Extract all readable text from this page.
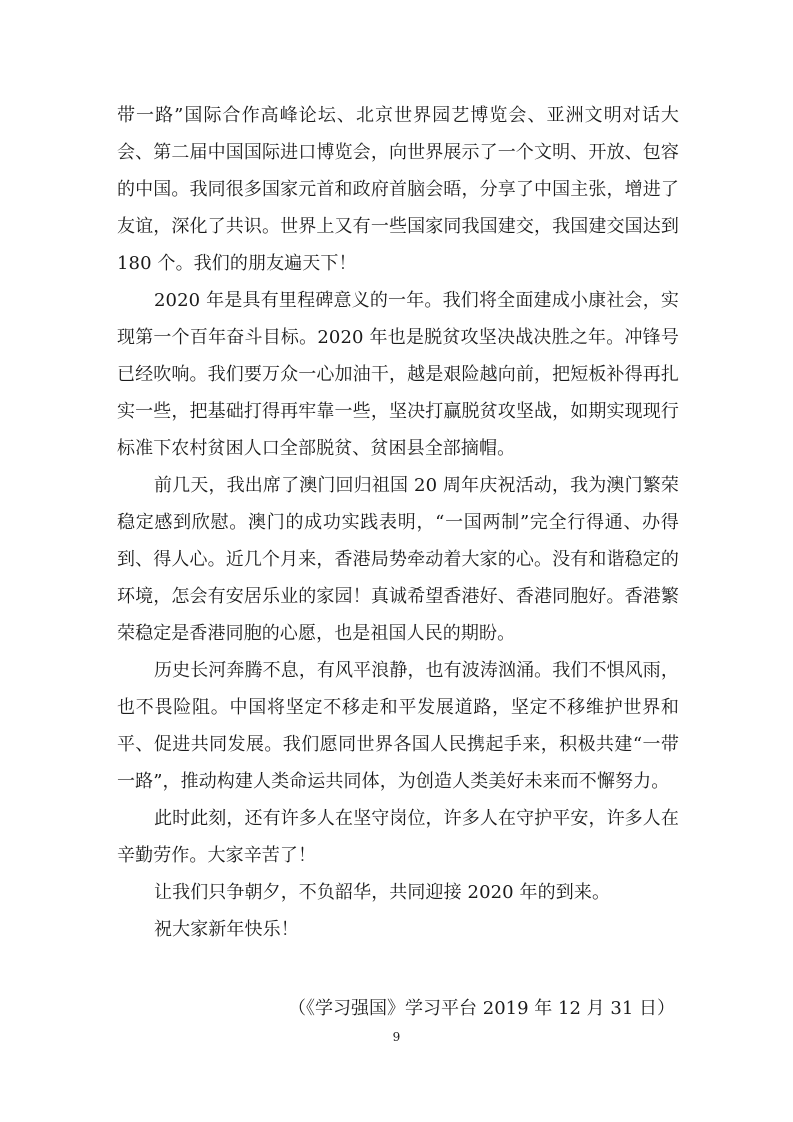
带一路”国际合作高峰论坛、北京世界园艺博览会、亚洲文明对话大会、第二届中国国际进口博览会，向世界展示了一个文明、开放、包容的中国。我同很多国家元首和政府首脑会晤，分享了中国主张，增进了友谊，深化了共识。世界上又有一些国家同我国建交，我国建交国达到 180 个。我们的朋友遍天下！

2020 年是具有里程碑意义的一年。我们将全面建成小康社会，实现第一个百年奋斗目标。2020 年也是脱贫攻坚决战决胜之年。冲锋号已经吹响。我们要万众一心加油干，越是艰险越向前，把短板补得再扎实一些，把基础打得再牢靠一些，坚决打赢脱贫攻坚战，如期实现现行标准下农村贫困人口全部脱贫、贫困县全部摘帽。

前几天，我出席了澳门回归祖国 20 周年庆祝活动，我为澳门繁荣稳定感到欣慰。澳门的成功实践表明，“一国两制”完全行得通、办得到、得人心。近几个月来，香港局势牵动着大家的心。没有和谐稳定的环境，怎会有安居乐业的家园！真诚希望香港好、香港同胞好。香港繁荣稳定是香港同胞的心愿，也是祖国人民的期盼。

历史长河奔腾不息，有风平浪静，也有波涛汹涌。我们不惧风雨，也不畏险阻。中国将坚定不移走和平发展道路，坚定不移维护世界和平、促进共同发展。我们愿同世界各国人民携起手来，积极共建“一带一路”，推动构建人类命运共同体，为创造人类美好未来而不懈努力。

此时此刻，还有许多人在坚守岗位，许多人在守护平安，许多人在辛勤劳作。大家辛苦了！

让我们只争朝夕，不负韶华，共同迎接 2020 年的到来。

祝大家新年快乐！

（《学习强国》学习平台 2019 年 12 月 31 日）

9
